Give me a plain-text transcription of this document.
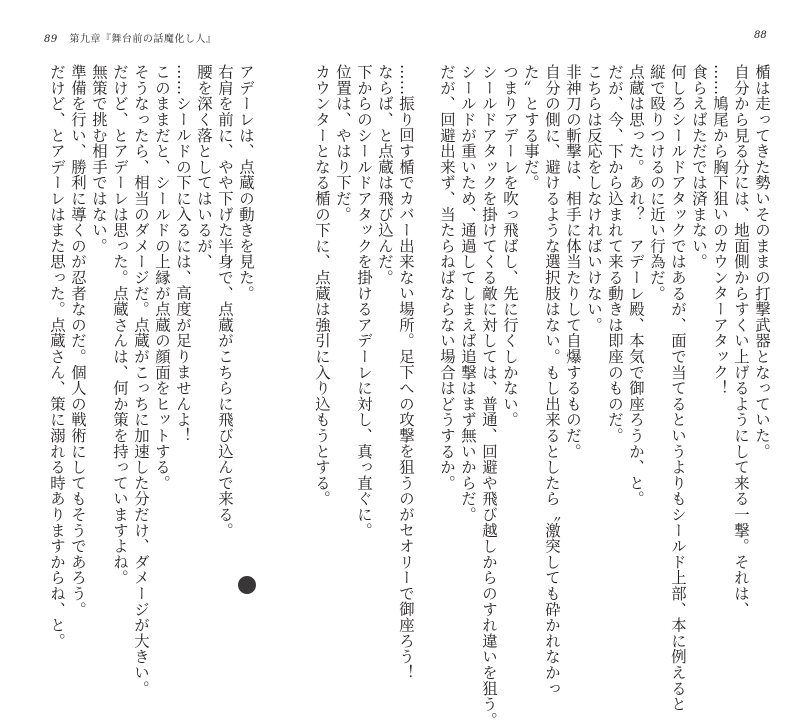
89 第九章『舞台前の話魔化し人』	88
楯は走ってきた勢いそのままの打撃武器となっていた。
自分から見る分には、地面側からすくい上げるようにして来る一撃。それは、
……鳩尾から胸下狙いのカウンターアタック！
食らえばただでは済まない。
何しろシールドアタックではあるが、面で当てるというよりもシールド上部、本に例えると
縦で殴りつけるのに近い行為だ。
点蔵は思った。あれ？　アデーレ殿、本気で御座ろうか、と。
だが、今、下から込まれて来る動きは即座のものだ。
こちらは反応をしなければいけない。
非神刀の斬撃は、相手に体当たりして自爆するものだ。
自分の側に、避けるような選択肢はない。もし出来るとしたら〝激突しても砕かれなかっ
た〟とする事だ。
つまりアデーレを吹っ飛ばし、先に行くしかない。
シールドアタックを掛けてくる敵に対しては、普通、回避や飛び越しからのすれ違いを狙う。
シールドが重いため、通過してしまえば追撃はまず無いからだ。
だが、回避出来ず、当たらねばならない場合はどうするか。
……振り回す楯でカバー出来ない場所。足下への攻撃を狙うのがセオリーで御座ろう！
ならば、と点蔵は飛び込んだ。
下からのシールドアタックを掛けるアデーレに対し、真っ直ぐに。
位置は、やはり下だ。
カウンターとなる楯の下に、点蔵は強引に入り込もうとする。
アデーレは、点蔵の動きを見た。
右肩を前に、やや下げた半身で、点蔵がこちらに飛び込んで来る。
腰を深く落としてはいるが、
……シールドの下に入るには、高度が足りませんよ！
このままだと、シールドの上縁が点蔵の顔面をヒットする。
そうなったら、相当のダメージだ。点蔵がこっちに加速した分だけ、ダメージが大きい。
だけど、とアデーレは思った。点蔵さんは、何か策を持っていますよね。
無策で挑む相手ではない。
準備を行い、勝利に導くのが忍者なのだ。個人の戦術にしてもそうであろう。
だけど、とアデーレはまた思った。点蔵さん、策に溺れる時ありますからね、と。
